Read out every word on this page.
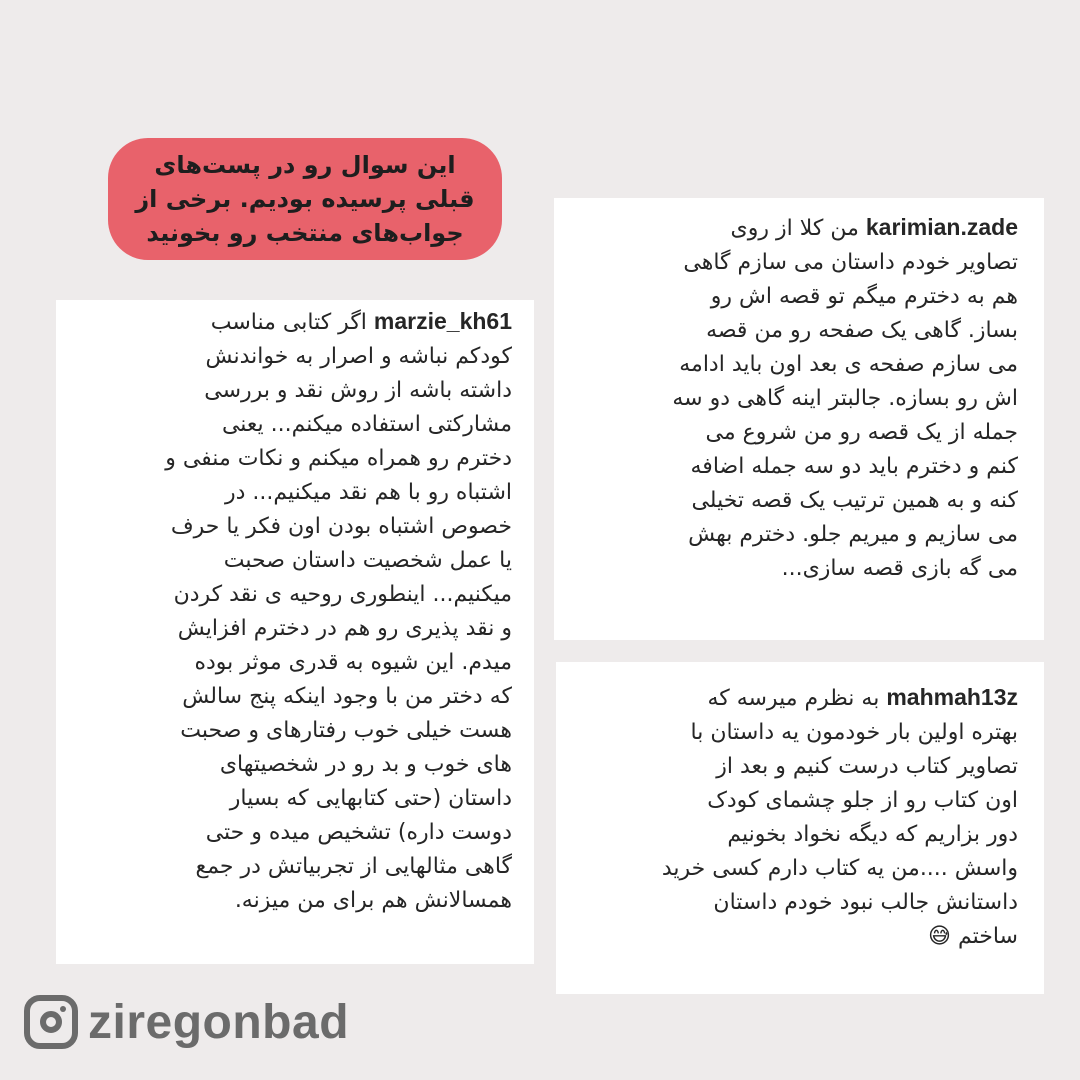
این سوال رو در پست‌های
قبلی پرسیده بودیم. برخی از
جواب‌های منتخب رو بخونید

marzie_kh61 اگر کتابی مناسب
کودکم نباشه و اصرار به خواندنش
داشته باشه از روش نقد و بررسی
مشارکتی استفاده میکنم... یعنی
دخترم رو همراه میکنم و نکات منفی و
اشتباه رو با هم نقد میکنیم... در
خصوص اشتباه بودن اون فکر یا حرف
یا عمل شخصیت داستان صحبت
میکنیم... اینطوری روحیه ی نقد کردن
و نقد پذیری رو هم در دخترم افزایش
میدم. این شیوه به قدری موثر بوده
که دختر من با وجود اینکه پنج سالش
هست خیلی خوب رفتارهای و صحبت
های خوب و بد رو در شخصیتهای
داستان (حتی کتابهایی که بسیار
دوست داره) تشخیص میده و حتی
گاهی مثالهایی از تجربیاتش در جمع
همسالانش هم برای من میزنه.

karimian.zade من کلا از روی
تصاویر خودم داستان می سازم گاهی
هم به دخترم میگم تو قصه اش رو
بساز. گاهی یک صفحه رو من قصه
می سازم صفحه ی بعد اون باید ادامه
اش رو بسازه. جالبتر اینه گاهی دو سه
جمله از یک قصه رو من شروع می
کنم و دخترم باید دو سه جمله اضافه
کنه و به همین ترتیب یک قصه تخیلی
می سازیم و میریم جلو. دخترم بهش
می گه بازی قصه سازی...

mahmah13z به نظرم میرسه که
بهتره اولین بار خودمون یه داستان با
تصاویر کتاب درست کنیم و بعد از
اون کتاب رو از جلو چشمای کودک
دور بزاریم که دیگه نخواد بخونیم
واسش ....من یه کتاب دارم کسی خرید
داستانش جالب نبود خودم داستان
ساختم 😅

ziregonbad
